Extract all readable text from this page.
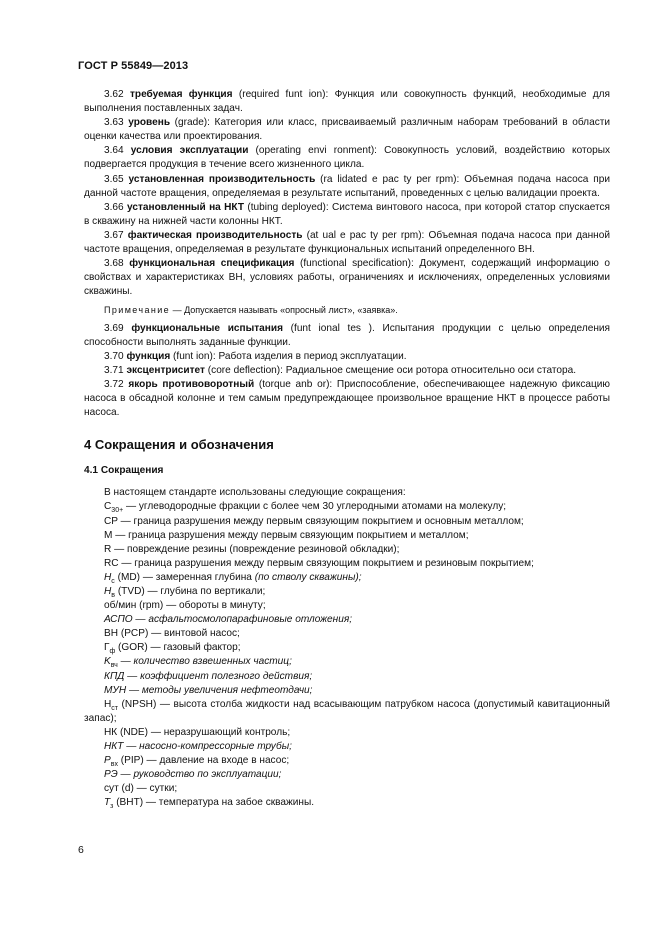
ГОСТ Р 55849—2013
3.62 требуемая функция (required funt ion): Функция или совокупность функций, необходимые для выполнения поставленных задач.
3.63 уровень (grade): Категория или класс, присваиваемый различным наборам требований в области оценки качества или проектирования.
3.64 условия эксплуатации (operating envi ronment): Совокупность условий, воздействию которых подвергается продукция в течение всего жизненного цикла.
3.65 установленная производительность (ra lidated e pac ty per rpm): Объемная подача насоса при данной частоте вращения, определяемая в результате испытаний, проведенных с целью валидации проекта.
3.66 установленный на НКТ (tubing deployed): Система винтового насоса, при которой статор спускается в скважину на нижней части колонны НКТ.
3.67 фактическая производительность (at ual e pac ty per rpm): Объемная подача насоса при данной частоте вращения, определяемая в результате функциональных испытаний определенного ВН.
3.68 функциональная спецификация (functional specification): Документ, содержащий информацию о свойствах и характеристиках ВН, условиях работы, ограничениях и исключениях, определенных условиями скважины.
Примечание — Допускается называть «опросный лист», «заявка».
3.69 функциональные испытания (funt ional tes ). Испытания продукции с целью определения способности выполнять заданные функции.
3.70 функция (funt ion): Работа изделия в период эксплуатации.
3.71 эксцентриситет (core deflection): Радиальное смещение оси ротора относительно оси статора.
3.72 якорь противоворотный (torque anb or): Приспособление, обеспечивающее надежную фиксацию насоса в обсадной колонне и тем самым предупреждающее произвольное вращение НКТ в процессе работы насоса.
4 Сокращения и обозначения
4.1 Сокращения
В настоящем стандарте использованы следующие сокращения:
$C_{30+}$ — углеводородные фракции с более чем 30 углеродными атомами на молекулу;
CP — граница разрушения между первым связующим покрытием и основным металлом;
M — граница разрушения между первым связующим покрытием и металлом;
R — повреждение резины (повреждение резиновой обкладки);
RC — граница разрушения между первым связующим покрытием и резиновым покрытием;
$H_c$ (MD) — замеренная глубина (по стволу скважины);
$H_в$ (TVD) — глубина по вертикали;
об/мин (rpm) — обороты в минуту;
АСПО — асфальтосмолопарафиновые отложения;
ВН (PCP) — винтовой насос;
$Г_ф$ (GOR) — газовый фактор;
$K_{вч}$ — количество взвешенных частиц;
КПД — коэффициент полезного действия;
МУН — методы увеличения нефтеотдачи;
$Н_{ст}$ (NPSH) — высота столба жидкости над всасывающим патрубком насоса (допустимый кавитационный запас);
НК (NDE) — неразрушающий контроль;
НКТ — насосно-компрессорные трубы;
$P_{вх}$ (PIP) — давление на входе в насос;
РЭ — руководство по эксплуатации;
сут (d) — сутки;
$T_з$ (ВНТ) — температура на забое скважины.
6
